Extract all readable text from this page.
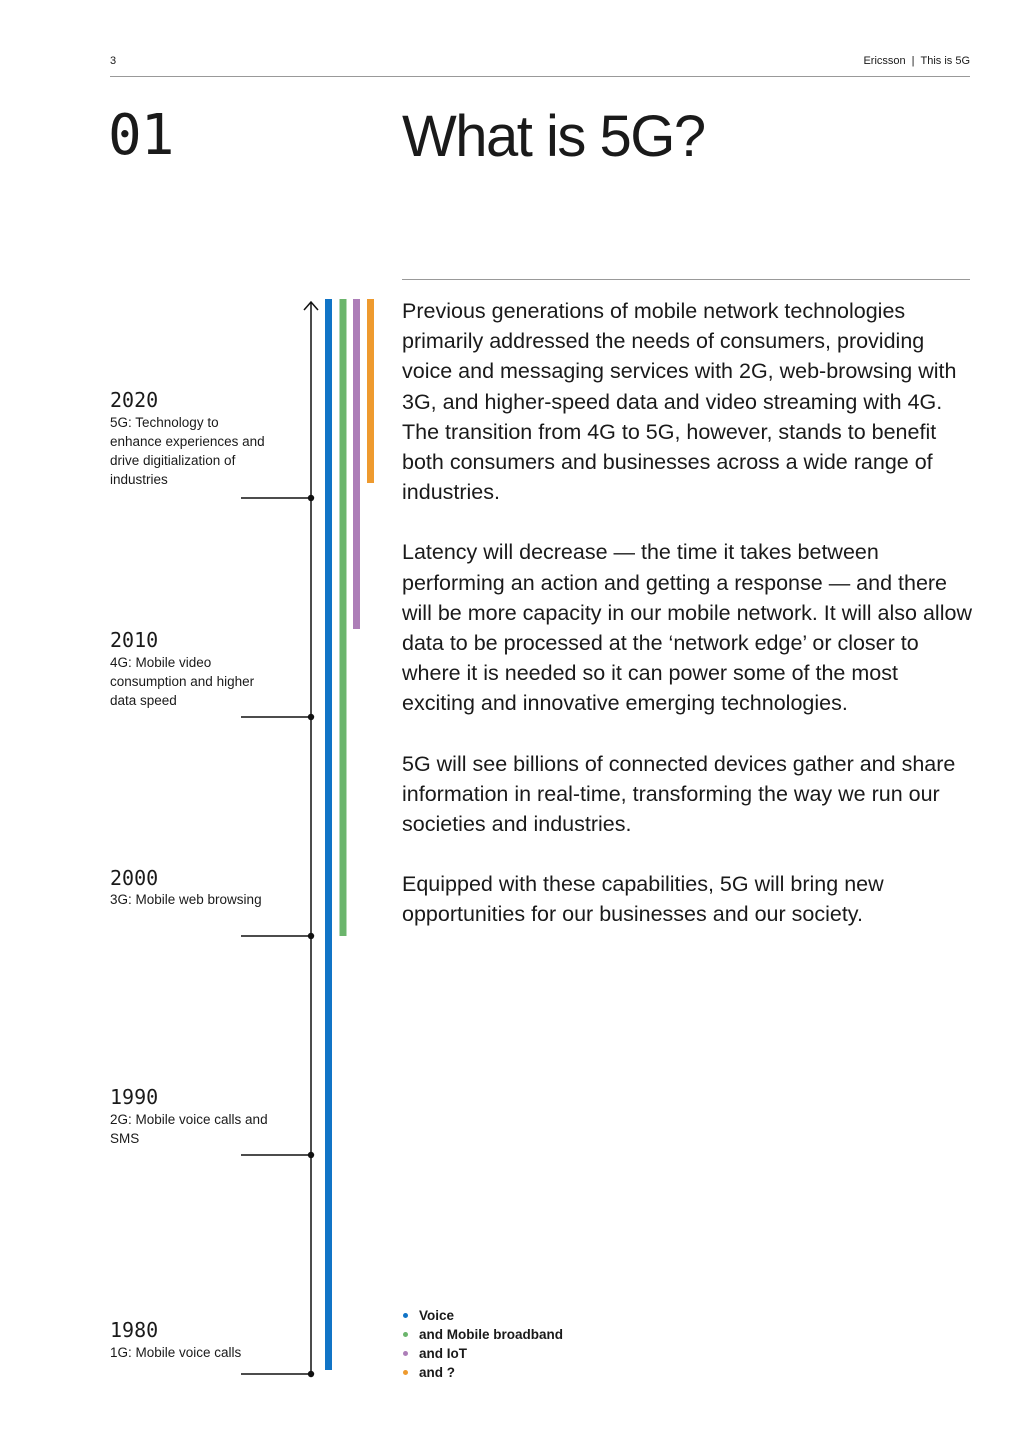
3	Ericsson | This is 5G
01	What is 5G?

Previous generations of mobile network technologies primarily addressed the needs of consumers, providing voice and messaging services with 2G, web-browsing with 3G, and higher-speed data and video streaming with 4G. The transition from 4G to 5G, however, stands to benefit both consumers and businesses across a wide range of industries.

Latency will decrease — the time it takes between performing an action and getting a response — and there will be more capacity in our mobile network. It will also allow data to be processed at the ‘network edge’ or closer to where it is needed so it can power some of the most exciting and innovative emerging technologies.

5G will see billions of connected devices gather and share information in real-time, transforming the way we run our societies and industries.

Equipped with these capabilities, 5G will bring new opportunities for our businesses and our society.

2020
5G: Technology to enhance experiences and drive digitialization of industries
2010
4G: Mobile video consumption and higher data speed
2000
3G: Mobile web browsing
1990
2G: Mobile voice calls and SMS
1980
1G: Mobile voice calls
Voice
and Mobile broadband
and IoT
and ?
